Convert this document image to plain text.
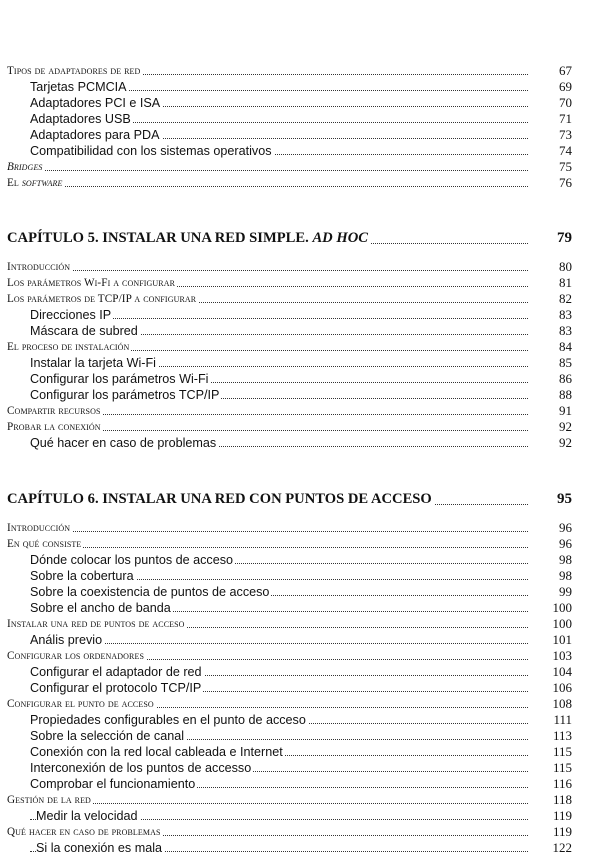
Tipos de adaptadores de red	67
Tarjetas PCMCIA	69
Adaptadores PCI e ISA	70
Adaptadores USB	71
Adaptadores para PDA	73
Compatibilidad con los sistemas operativos	74
Bridges	75
El software	76
CAPÍTULO 5. INSTALAR UNA RED SIMPLE. AD HOC	79
Introducción	80
Los parámetros Wi-Fi a configurar	81
Los parámetros de TCP/IP a configurar	82
Direcciones IP	83
Máscara de subred	83
El proceso de instalación	84
Instalar la tarjeta Wi-Fi	85
Configurar los parámetros Wi-Fi	86
Configurar los parámetros TCP/IP	88
Compartir recursos	91
Probar la conexión	92
Qué hacer en caso de problemas	92
CAPÍTULO 6. INSTALAR UNA RED CON PUNTOS DE ACCESO	95
Introducción	96
En qué consiste	96
Dónde colocar los puntos de acceso	98
Sobre la cobertura	98
Sobre la coexistencia de puntos de acceso	99
Sobre el ancho de banda	100
Instalar una red de puntos de acceso	100
Anális previo	101
Configurar los ordenadores	103
Configurar el adaptador de red	104
Configurar el protocolo TCP/IP	106
Configurar el punto de acceso	108
Propiedades configurables en el punto de acceso	111
Sobre la selección de canal	113
Conexión con la red local cableada e Internet	115
Interconexión de los puntos de accesso	115
Comprobar el funcionamiento	116
Gestión de la red	118
Medir la velocidad	119
Qué hacer en caso de problemas	119
Si la conexión es mala	122
